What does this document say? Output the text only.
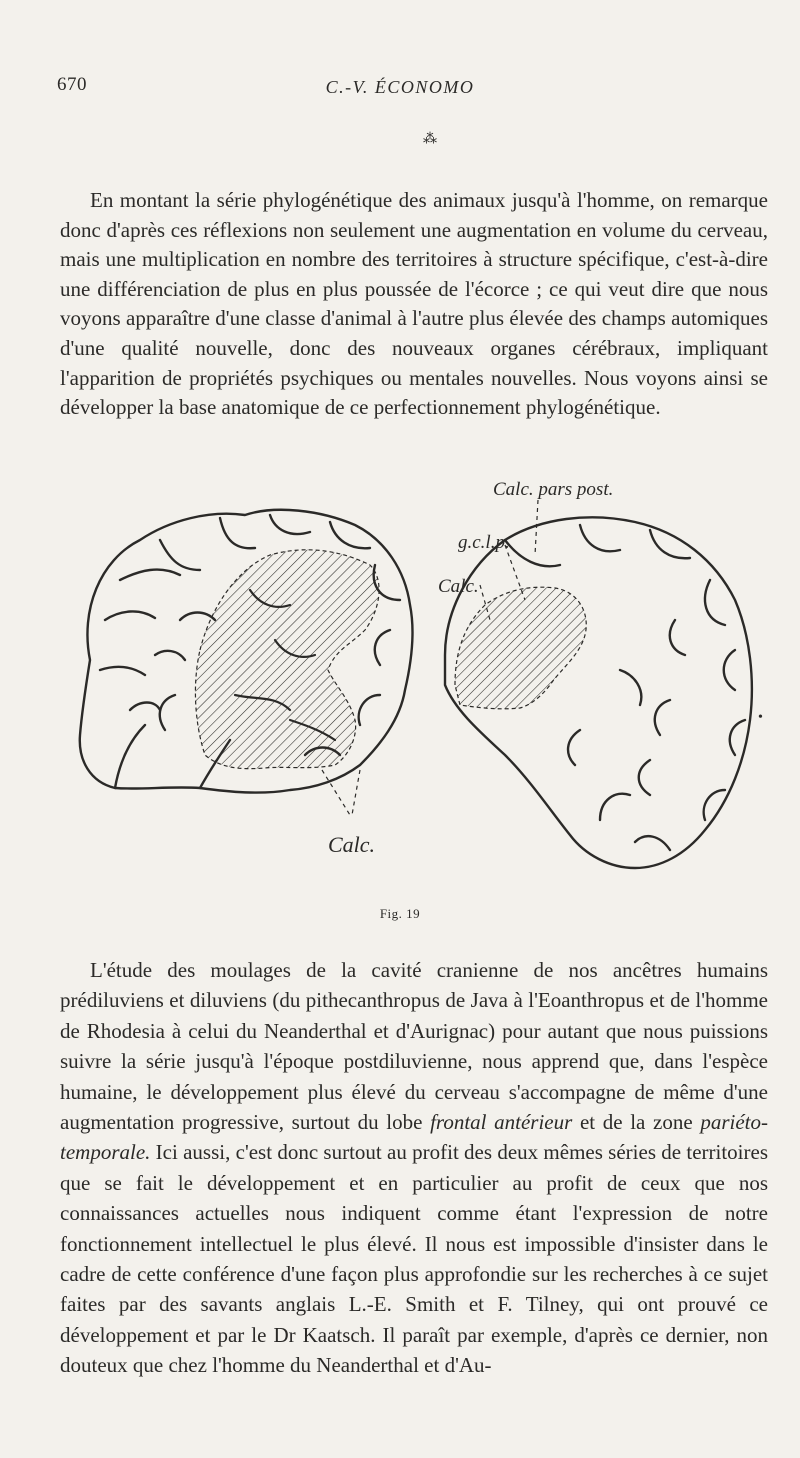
670	C.-V. ÉCONOMO
⁂

En montant la série phylogénétique des animaux jusqu'à l'homme, on remarque donc d'après ces réflexions non seulement une augmentation en volume du cerveau, mais une multiplication en nombre des territoires à structure spécifique, c'est-à-dire une différenciation de plus en plus poussée de l'écorce ; ce qui veut dire que nous voyons apparaître d'une classe d'animal à l'autre plus élevée des champs automiques d'une qualité nouvelle, donc des nouveaux organes cérébraux, impliquant l'apparition de propriétés psychiques ou mentales nouvelles. Nous voyons ainsi se développer la base anatomique de ce perfectionnement phylogénétique.

Calc.
Calc. pars post.
g.c.l.p.
Calc.
•
Fig. 19

L'étude des moulages de la cavité cranienne de nos ancêtres humains prédiluviens et diluviens (du pithecanthropus de Java à l'Eoanthropus et de l'homme de Rhodesia à celui du Neanderthal et d'Aurignac) pour autant que nous puissions suivre la série jusqu'à l'époque postdiluvienne, nous apprend que, dans l'espèce humaine, le développement plus élevé du cerveau s'accompagne de même d'une augmentation progressive, surtout du lobe frontal antérieur et de la zone pariéto-temporale. Ici aussi, c'est donc surtout au profit des deux mêmes séries de territoires que se fait le développement et en particulier au profit de ceux que nos connaissances actuelles nous indiquent comme étant l'expression de notre fonctionnement intellectuel le plus élevé. Il nous est impossible d'insister dans le cadre de cette conférence d'une façon plus approfondie sur les recherches à ce sujet faites par des savants anglais L.-E. Smith et F. Tilney, qui ont prouvé ce développement et par le Dr Kaatsch. Il paraît par exemple, d'après ce dernier, non douteux que chez l'homme du Neanderthal et d'Au-
